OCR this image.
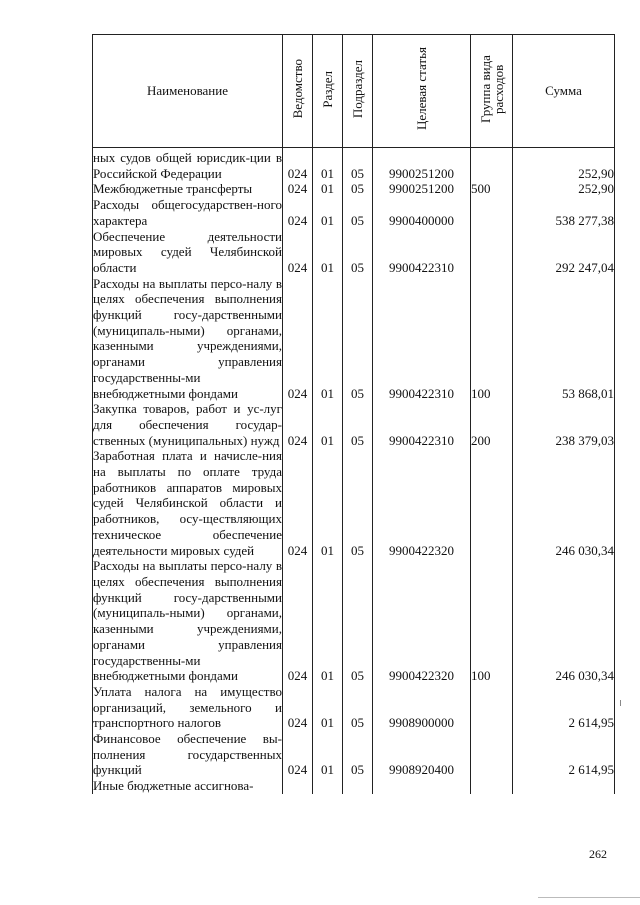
Наименование	Ведомство	Раздел	Подраздел	Целевая статья	Группа вида расходов	Сумма
ных судов общей юрисдик-ции в Российской Федерации	024	01	05	9900251200		252,90
Межбюджетные трансферты	024	01	05	9900251200	500	252,90
Расходы общегосударствен-ного характера	024	01	05	9900400000		538 277,38
Обеспечение деятельности мировых судей Челябинской области	024	01	05	9900422310		292 247,04
Расходы на выплаты персо-налу в целях обеспечения выполнения функций госу-дарственными (муниципаль-ными) органами, казенными учреждениями, органами управления государственны-ми внебюджетными фондами	024	01	05	9900422310	100	53 868,01
Закупка товаров, работ и ус-луг для обеспечения государ-ственных (муниципальных) нужд	024	01	05	9900422310	200	238 379,03
Заработная плата и начисле-ния на выплаты по оплате труда работников аппаратов мировых судей Челябинской области и работников, осу-ществляющих техническое обеспечение деятельности мировых судей	024	01	05	9900422320		246 030,34
Расходы на выплаты персо-налу в целях обеспечения выполнения функций госу-дарственными (муниципаль-ными) органами, казенными учреждениями, органами управления государственны-ми внебюджетными фондами	024	01	05	9900422320	100	246 030,34
Уплата налога на имущество организаций, земельного и транспортного налогов	024	01	05	9908900000		2 614,95
Финансовое обеспечение вы-полнения государственных функций	024	01	05	9908920400		2 614,95
Иные бюджетные ассигнова-						
262
